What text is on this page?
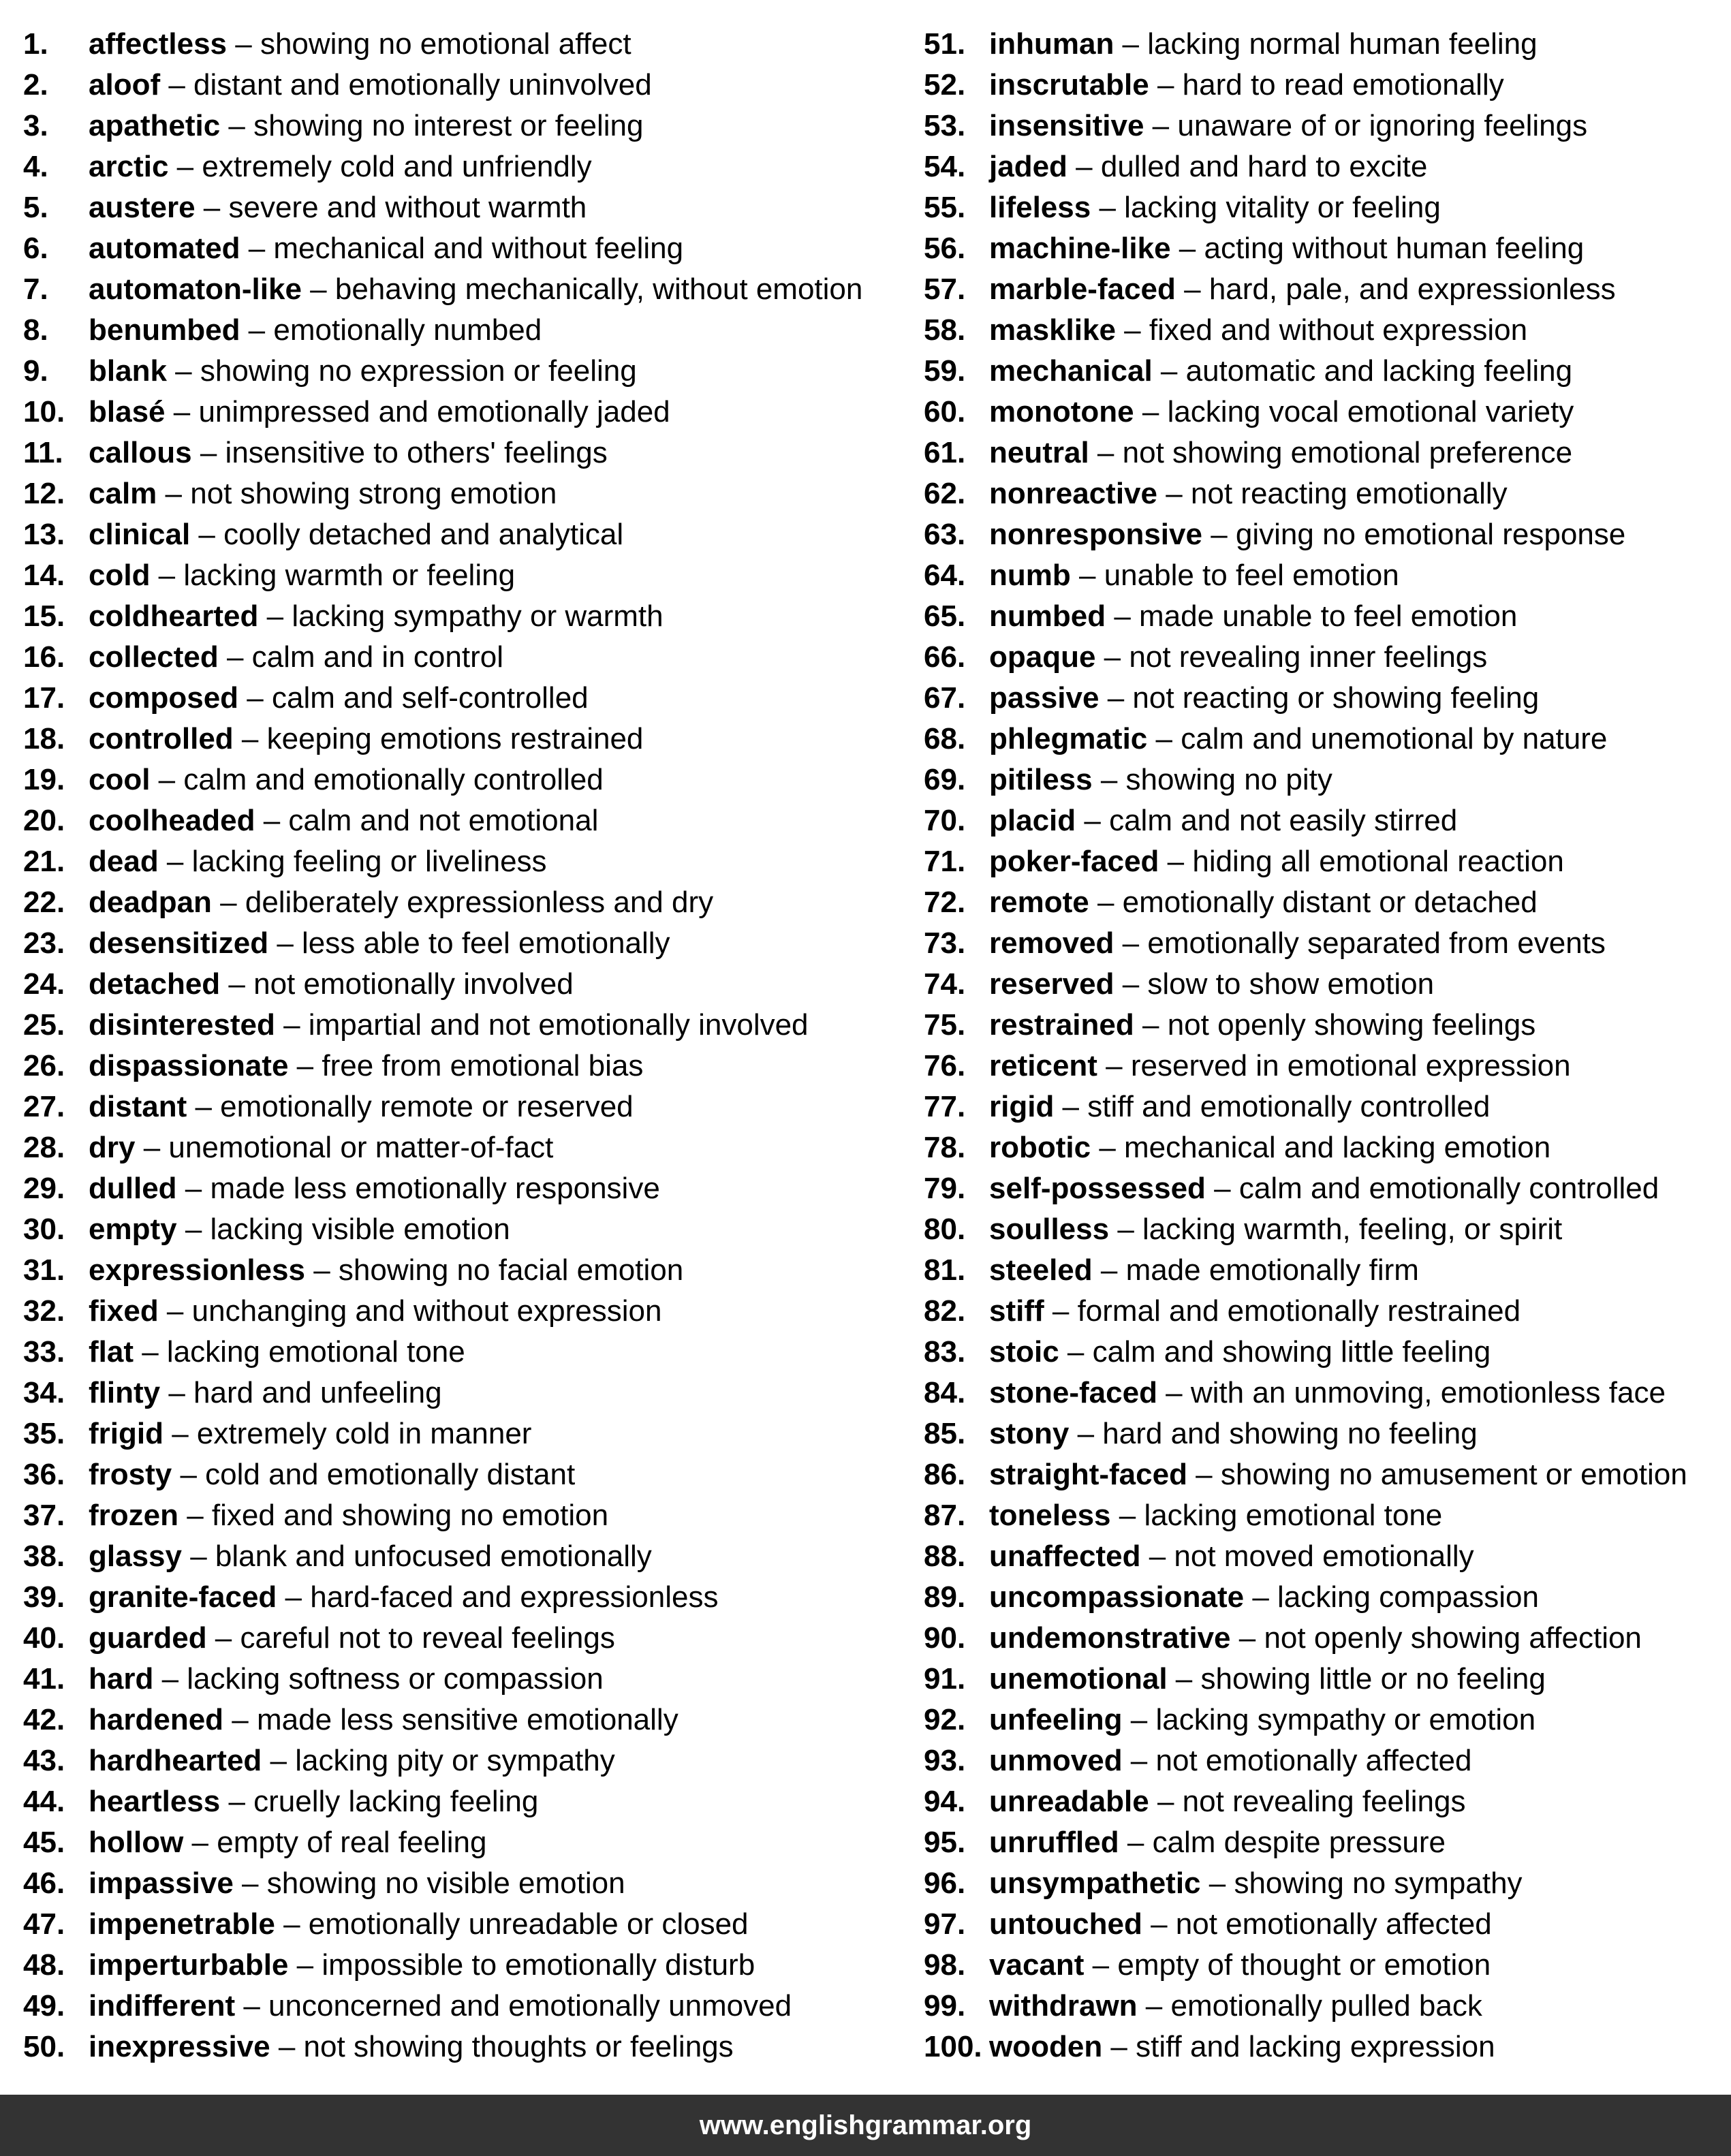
1. affectless – showing no emotional affect
2. aloof – distant and emotionally uninvolved
3. apathetic – showing no interest or feeling
4. arctic – extremely cold and unfriendly
5. austere – severe and without warmth
6. automated – mechanical and without feeling
7. automaton-like – behaving mechanically, without emotion
8. benumbed – emotionally numbed
9. blank – showing no expression or feeling
10. blasé – unimpressed and emotionally jaded
11. callous – insensitive to others' feelings
12. calm – not showing strong emotion
13. clinical – coolly detached and analytical
14. cold – lacking warmth or feeling
15. coldhearted – lacking sympathy or warmth
16. collected – calm and in control
17. composed – calm and self-controlled
18. controlled – keeping emotions restrained
19. cool – calm and emotionally controlled
20. coolheaded – calm and not emotional
21. dead – lacking feeling or liveliness
22. deadpan – deliberately expressionless and dry
23. desensitized – less able to feel emotionally
24. detached – not emotionally involved
25. disinterested – impartial and not emotionally involved
26. dispassionate – free from emotional bias
27. distant – emotionally remote or reserved
28. dry – unemotional or matter-of-fact
29. dulled – made less emotionally responsive
30. empty – lacking visible emotion
31. expressionless – showing no facial emotion
32. fixed – unchanging and without expression
33. flat – lacking emotional tone
34. flinty – hard and unfeeling
35. frigid – extremely cold in manner
36. frosty – cold and emotionally distant
37. frozen – fixed and showing no emotion
38. glassy – blank and unfocused emotionally
39. granite-faced – hard-faced and expressionless
40. guarded – careful not to reveal feelings
41. hard – lacking softness or compassion
42. hardened – made less sensitive emotionally
43. hardhearted – lacking pity or sympathy
44. heartless – cruelly lacking feeling
45. hollow – empty of real feeling
46. impassive – showing no visible emotion
47. impenetrable – emotionally unreadable or closed
48. imperturbable – impossible to emotionally disturb
49. indifferent – unconcerned and emotionally unmoved
50. inexpressive – not showing thoughts or feelings
51. inhuman – lacking normal human feeling
52. inscrutable – hard to read emotionally
53. insensitive – unaware of or ignoring feelings
54. jaded – dulled and hard to excite
55. lifeless – lacking vitality or feeling
56. machine-like – acting without human feeling
57. marble-faced – hard, pale, and expressionless
58. masklike – fixed and without expression
59. mechanical – automatic and lacking feeling
60. monotone – lacking vocal emotional variety
61. neutral – not showing emotional preference
62. nonreactive – not reacting emotionally
63. nonresponsive – giving no emotional response
64. numb – unable to feel emotion
65. numbed – made unable to feel emotion
66. opaque – not revealing inner feelings
67. passive – not reacting or showing feeling
68. phlegmatic – calm and unemotional by nature
69. pitiless – showing no pity
70. placid – calm and not easily stirred
71. poker-faced – hiding all emotional reaction
72. remote – emotionally distant or detached
73. removed – emotionally separated from events
74. reserved – slow to show emotion
75. restrained – not openly showing feelings
76. reticent – reserved in emotional expression
77. rigid – stiff and emotionally controlled
78. robotic – mechanical and lacking emotion
79. self-possessed – calm and emotionally controlled
80. soulless – lacking warmth, feeling, or spirit
81. steeled – made emotionally firm
82. stiff – formal and emotionally restrained
83. stoic – calm and showing little feeling
84. stone-faced – with an unmoving, emotionless face
85. stony – hard and showing no feeling
86. straight-faced – showing no amusement or emotion
87. toneless – lacking emotional tone
88. unaffected – not moved emotionally
89. uncompassionate – lacking compassion
90. undemonstrative – not openly showing affection
91. unemotional – showing little or no feeling
92. unfeeling – lacking sympathy or emotion
93. unmoved – not emotionally affected
94. unreadable – not revealing feelings
95. unruffled – calm despite pressure
96. unsympathetic – showing no sympathy
97. untouched – not emotionally affected
98. vacant – empty of thought or emotion
99. withdrawn – emotionally pulled back
100. wooden – stiff and lacking expression
www.englishgrammar.org
